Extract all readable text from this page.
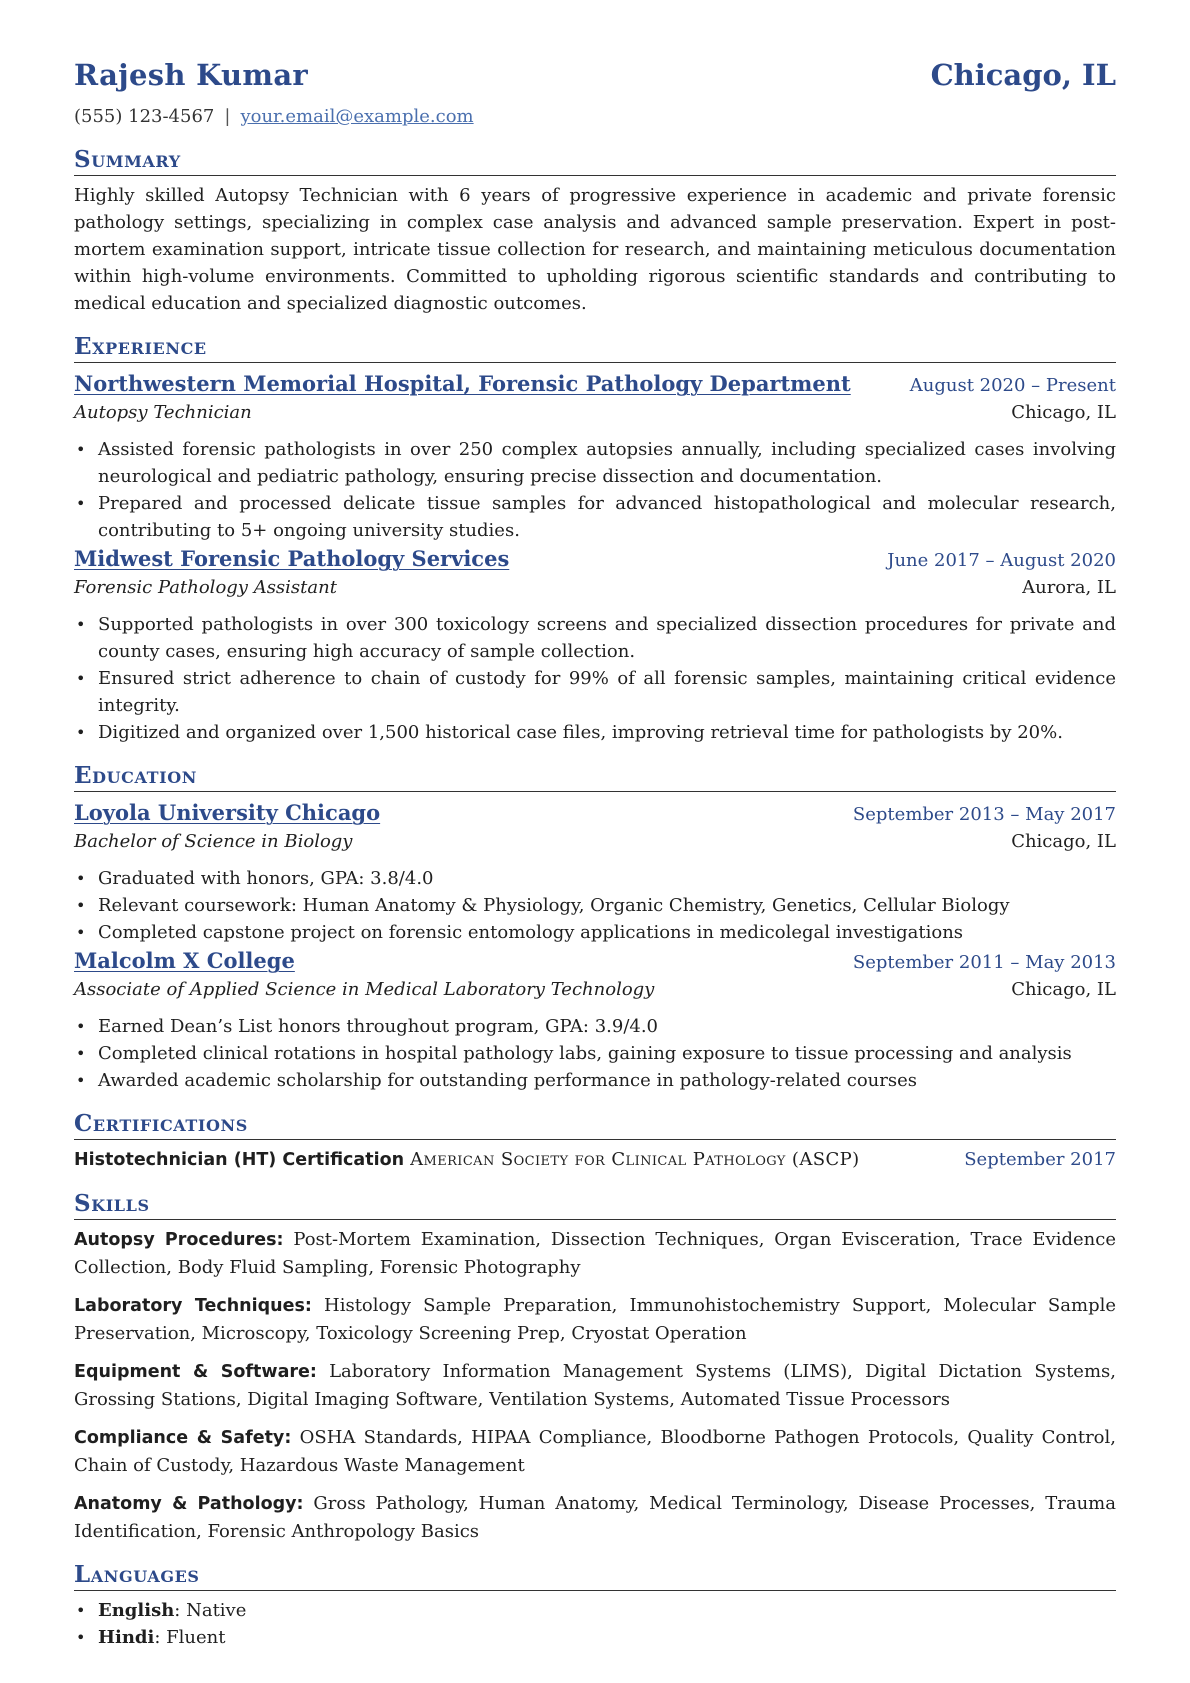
Rajesh Kumar	Chicago, IL
(555) 123-4567 | your.email@example.com
Summary
Highly skilled Autopsy Technician with 6 years of progressive experience in academic and private forensic pathology settings, specializing in complex case analysis and advanced sample preservation. Expert in post-mortem examination support, intricate tissue collection for research, and maintaining meticulous documentation within high-volume environments. Committed to upholding rigorous scientific standards and contributing to medical education and specialized diagnostic outcomes.
Experience
Northwestern Memorial Hospital, Forensic Pathology Department	August 2020 – Present
Autopsy Technician	Chicago, IL
• Assisted forensic pathologists in over 250 complex autopsies annually, including specialized cases involving neurological and pediatric pathology, ensuring precise dissection and documentation.
• Prepared and processed delicate tissue samples for advanced histopathological and molecular research, contributing to 5+ ongoing university studies.
Midwest Forensic Pathology Services	June 2017 – August 2020
Forensic Pathology Assistant	Aurora, IL
• Supported pathologists in over 300 toxicology screens and specialized dissection procedures for private and county cases, ensuring high accuracy of sample collection.
• Ensured strict adherence to chain of custody for 99% of all forensic samples, maintaining critical evidence integrity.
• Digitized and organized over 1,500 historical case files, improving retrieval time for pathologists by 20%.
Education
Loyola University Chicago	September 2013 – May 2017
Bachelor of Science in Biology	Chicago, IL
• Graduated with honors, GPA: 3.8/4.0
• Relevant coursework: Human Anatomy & Physiology, Organic Chemistry, Genetics, Cellular Biology
• Completed capstone project on forensic entomology applications in medicolegal investigations
Malcolm X College	September 2011 – May 2013
Associate of Applied Science in Medical Laboratory Technology	Chicago, IL
• Earned Dean’s List honors throughout program, GPA: 3.9/4.0
• Completed clinical rotations in hospital pathology labs, gaining exposure to tissue processing and analysis
• Awarded academic scholarship for outstanding performance in pathology-related courses
Certifications
Histotechnician (HT) Certification American Society for Clinical Pathology (ASCP)	September 2017
Skills
Autopsy Procedures: Post-Mortem Examination, Dissection Techniques, Organ Evisceration, Trace Evidence Collection, Body Fluid Sampling, Forensic Photography
Laboratory Techniques: Histology Sample Preparation, Immunohistochemistry Support, Molecular Sample Preservation, Microscopy, Toxicology Screening Prep, Cryostat Operation
Equipment & Software: Laboratory Information Management Systems (LIMS), Digital Dictation Systems, Grossing Stations, Digital Imaging Software, Ventilation Systems, Automated Tissue Processors
Compliance & Safety: OSHA Standards, HIPAA Compliance, Bloodborne Pathogen Protocols, Quality Control, Chain of Custody, Hazardous Waste Management
Anatomy & Pathology: Gross Pathology, Human Anatomy, Medical Terminology, Disease Processes, Trauma Identification, Forensic Anthropology Basics
Languages
• English: Native
• Hindi: Fluent
